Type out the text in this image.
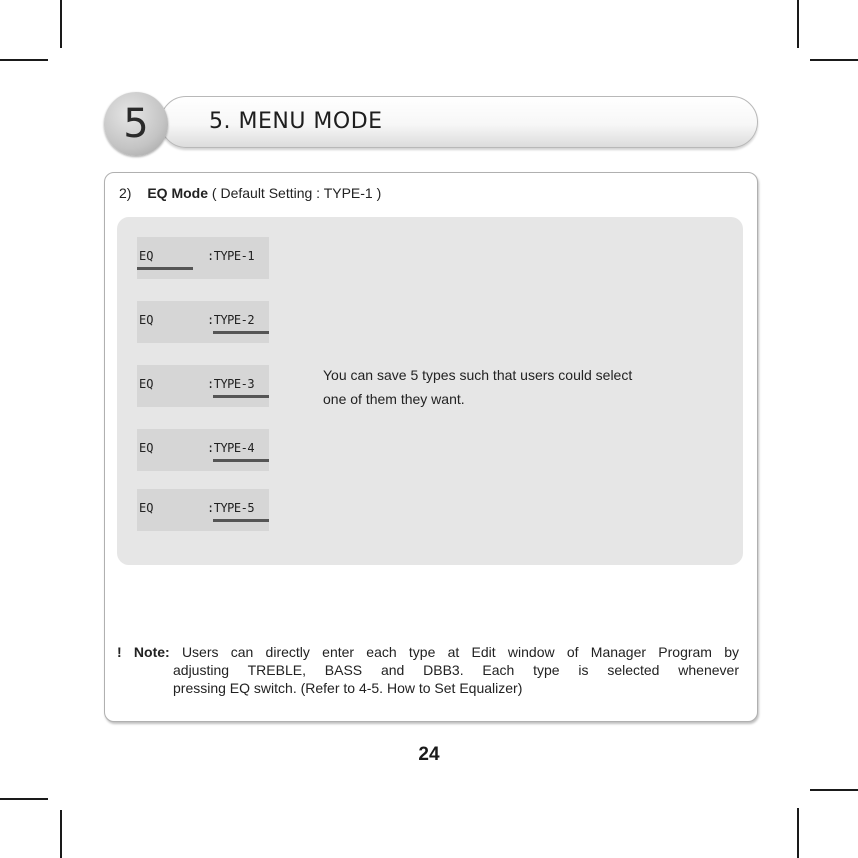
5. MENU MODE
5
2) EQ Mode ( Default Setting : TYPE-1 )
EQ	:TYPE-1
EQ	:TYPE-2
EQ	:TYPE-3
EQ	:TYPE-4
EQ	:TYPE-5
You can save 5 types such that users could select
one of them they want.

! Note: Users can directly enter each type at Edit window of Manager Program by

adjusting TREBLE, BASS and DBB3. Each type is selected whenever

pressing EQ switch. (Refer to 4-5. How to Set Equalizer)

24
